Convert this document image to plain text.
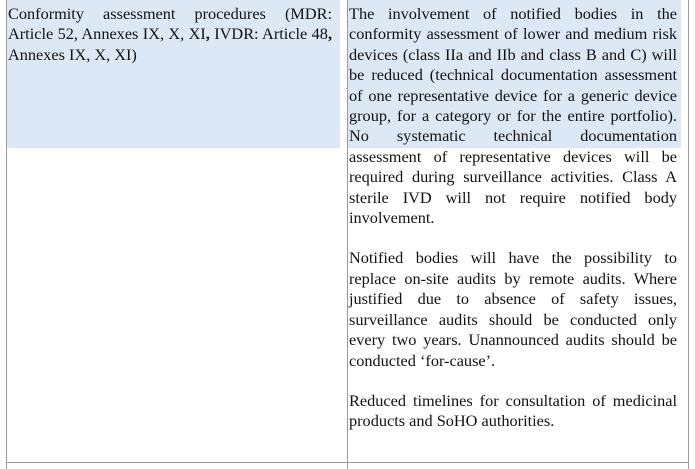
Conformity assessment procedures (MDR: Article 52, Annexes IX, X, XI, IVDR: Article 48, Annexes IX, X, XI)

The involvement of notified bodies in the conformity assessment of lower and medium risk devices (class IIa and IIb and class B and C) will be reduced (technical documentation assessment of one representative device for a generic device group, for a category or for the entire portfolio). No systematic technical documentation assessment of representative devices will be required during surveillance activities. Class A sterile IVD will not require notified body involvement.

Notified bodies will have the possibility to replace on-site audits by remote audits. Where justified due to absence of safety issues, surveillance audits should be conducted only every two years. Unannounced audits should be conducted ‘for-cause’.

Reduced timelines for consultation of medicinal products and SoHO authorities.
